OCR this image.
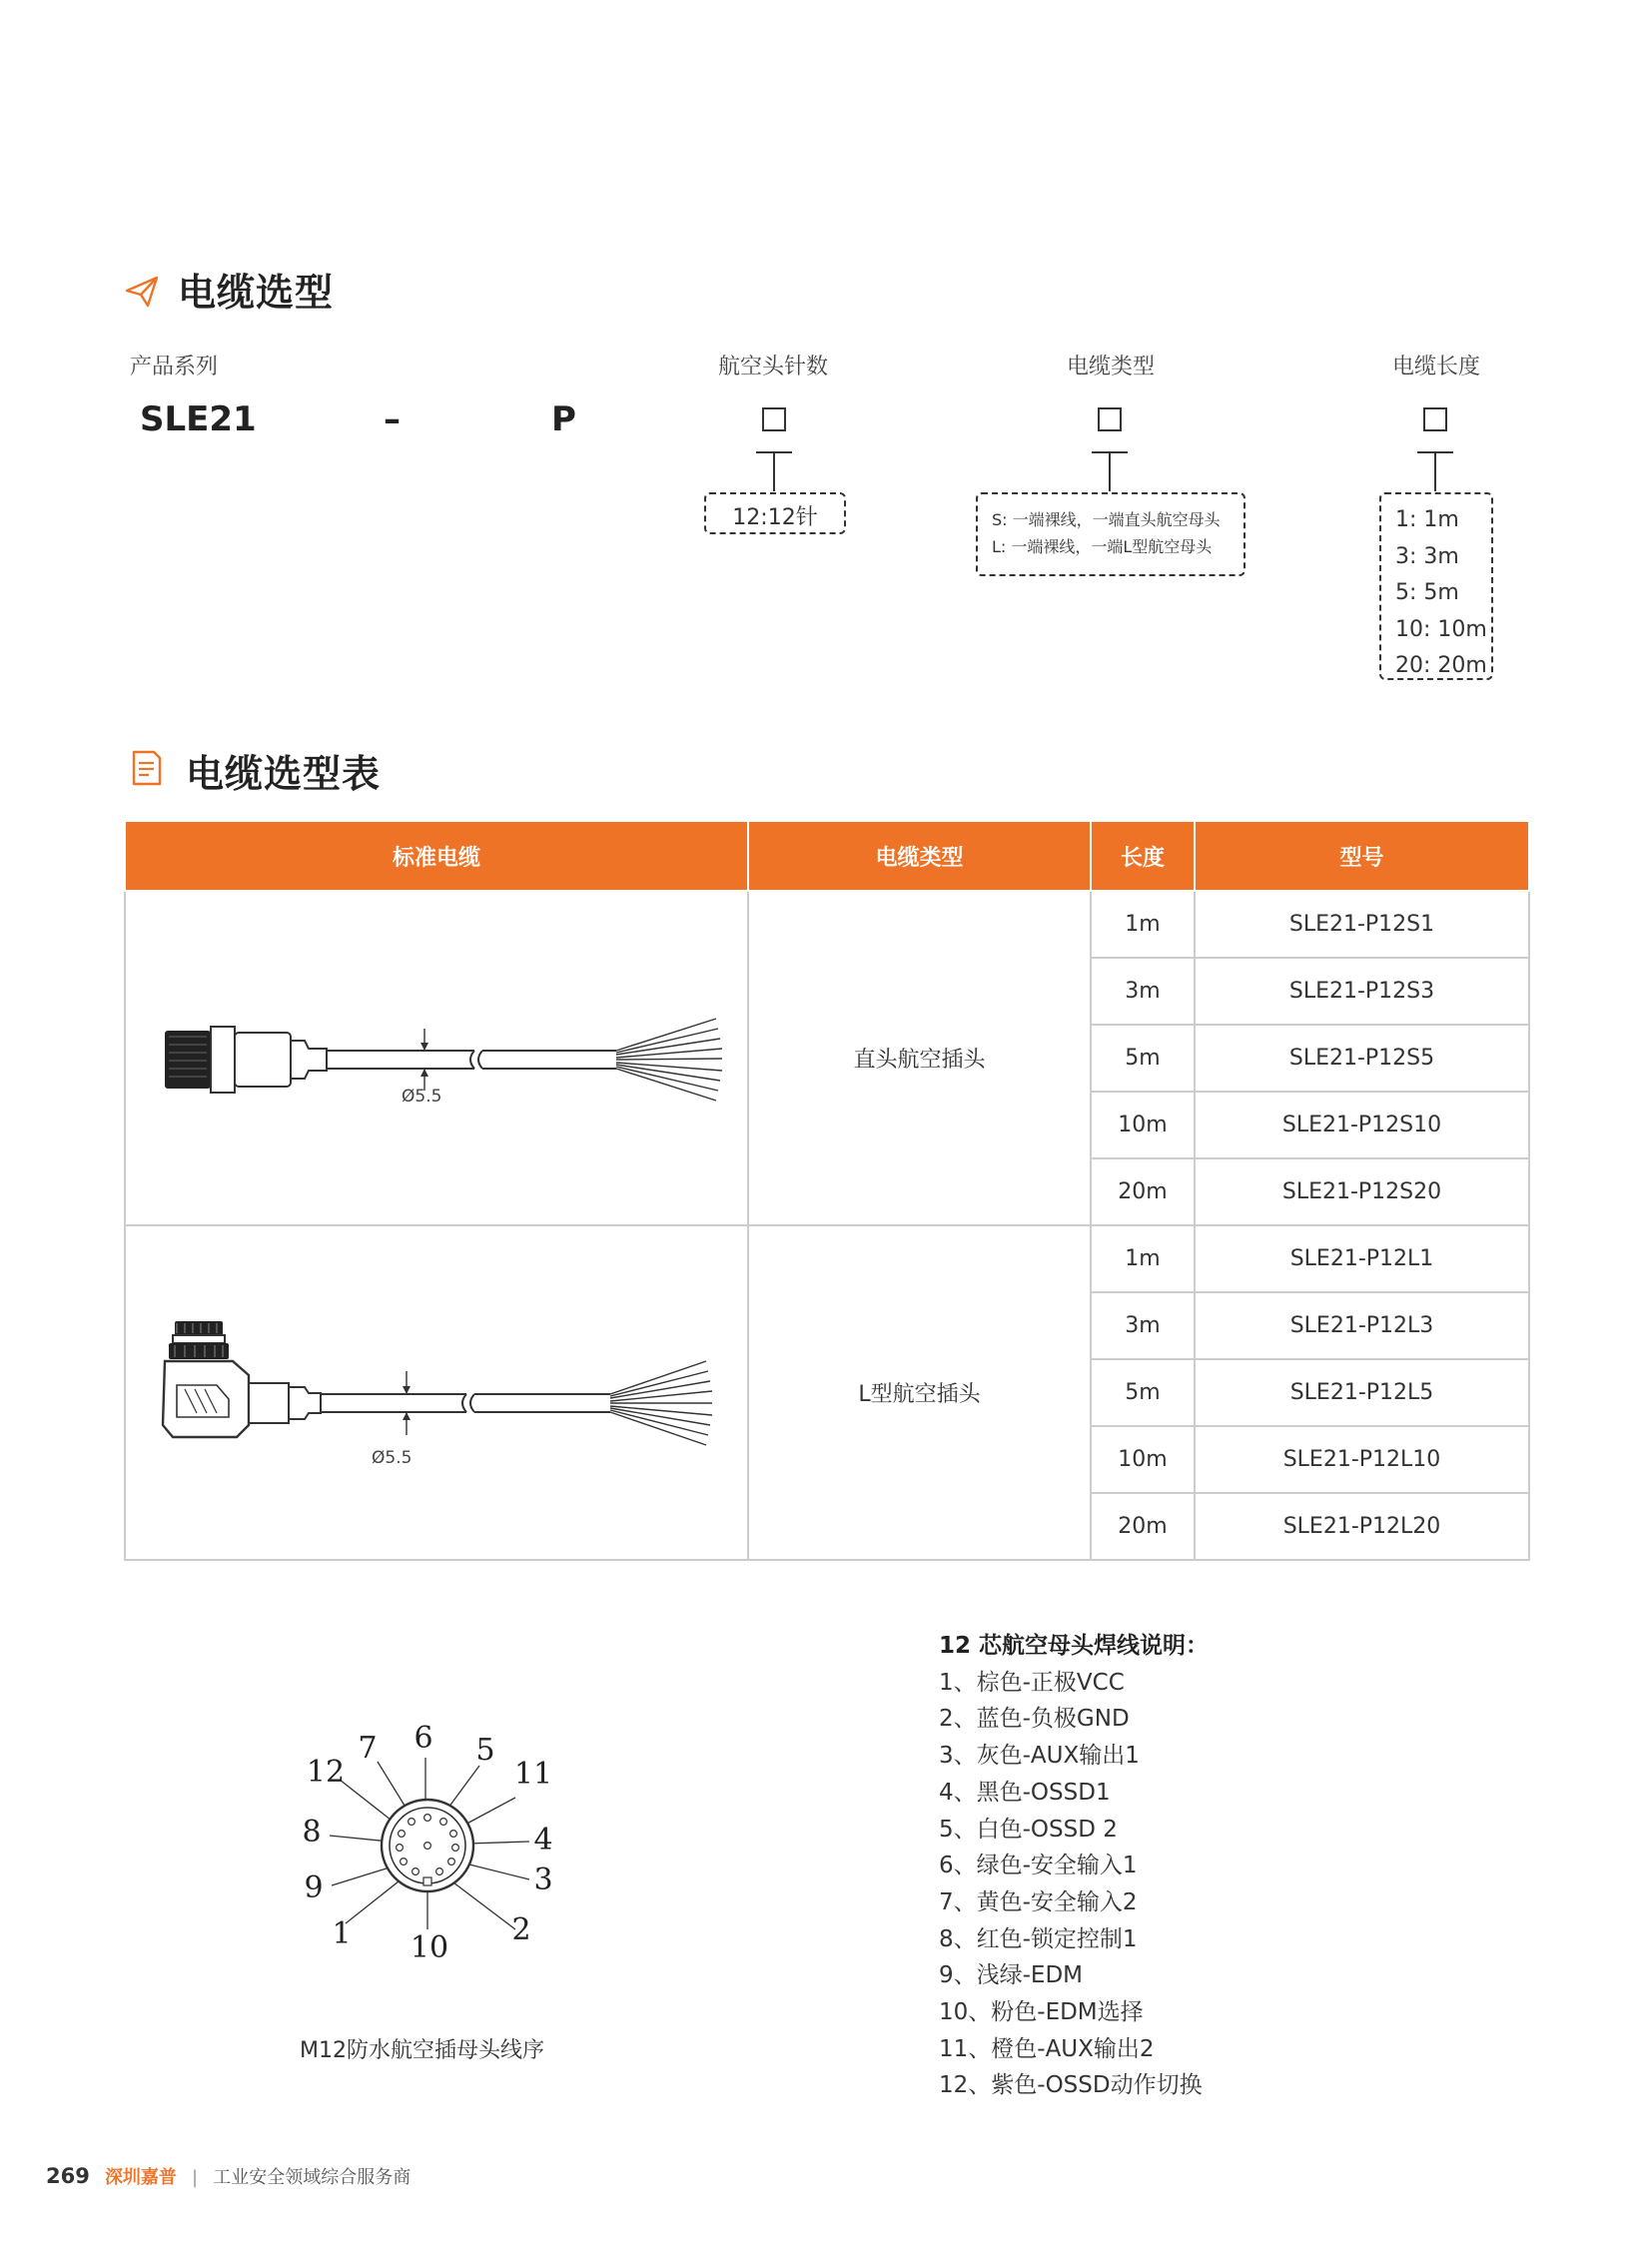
电缆选型
产品系列	航空头针数	电缆类型	电缆长度
SLE21	–	P
12:12针	S: 一端裸线，一端直头航空母头
L: 一端裸线，一端L型航空母头
1: 1m
3: 3m
5: 5m
10: 10m
20: 20m
电缆选型表
标准电缆	电缆类型	长度	型号

Ø5.5	直头航空插头	1m	SLE21-P12S1
		3m	SLE21-P12S3
		5m	SLE21-P12S5
		10m	SLE21-P12S10
		20m	SLE21-P12S20

Ø5.5	L型航空插头	1m	SLE21-P12L1
		3m	SLE21-P12L3
		5m	SLE21-P12L5
		10m	SLE21-P12L10
		20m	SLE21-P12L20
6
7	5
12	11
8	4
9	3
1	2
10
M12防水航空插母头线序
12 芯航空母头焊线说明：
1、棕色-正极VCC
2、蓝色-负极GND
3、灰色-AUX输出1
4、黑色-OSSD1
5、白色-OSSD 2
6、绿色-安全输入1
7、黄色-安全输入2
8、红色-锁定控制1
9、浅绿-EDM
10、粉色-EDM选择
11、橙色-AUX输出2
12、紫色-OSSD动作切换
269 深圳嘉普 | 工业安全领域综合服务商
